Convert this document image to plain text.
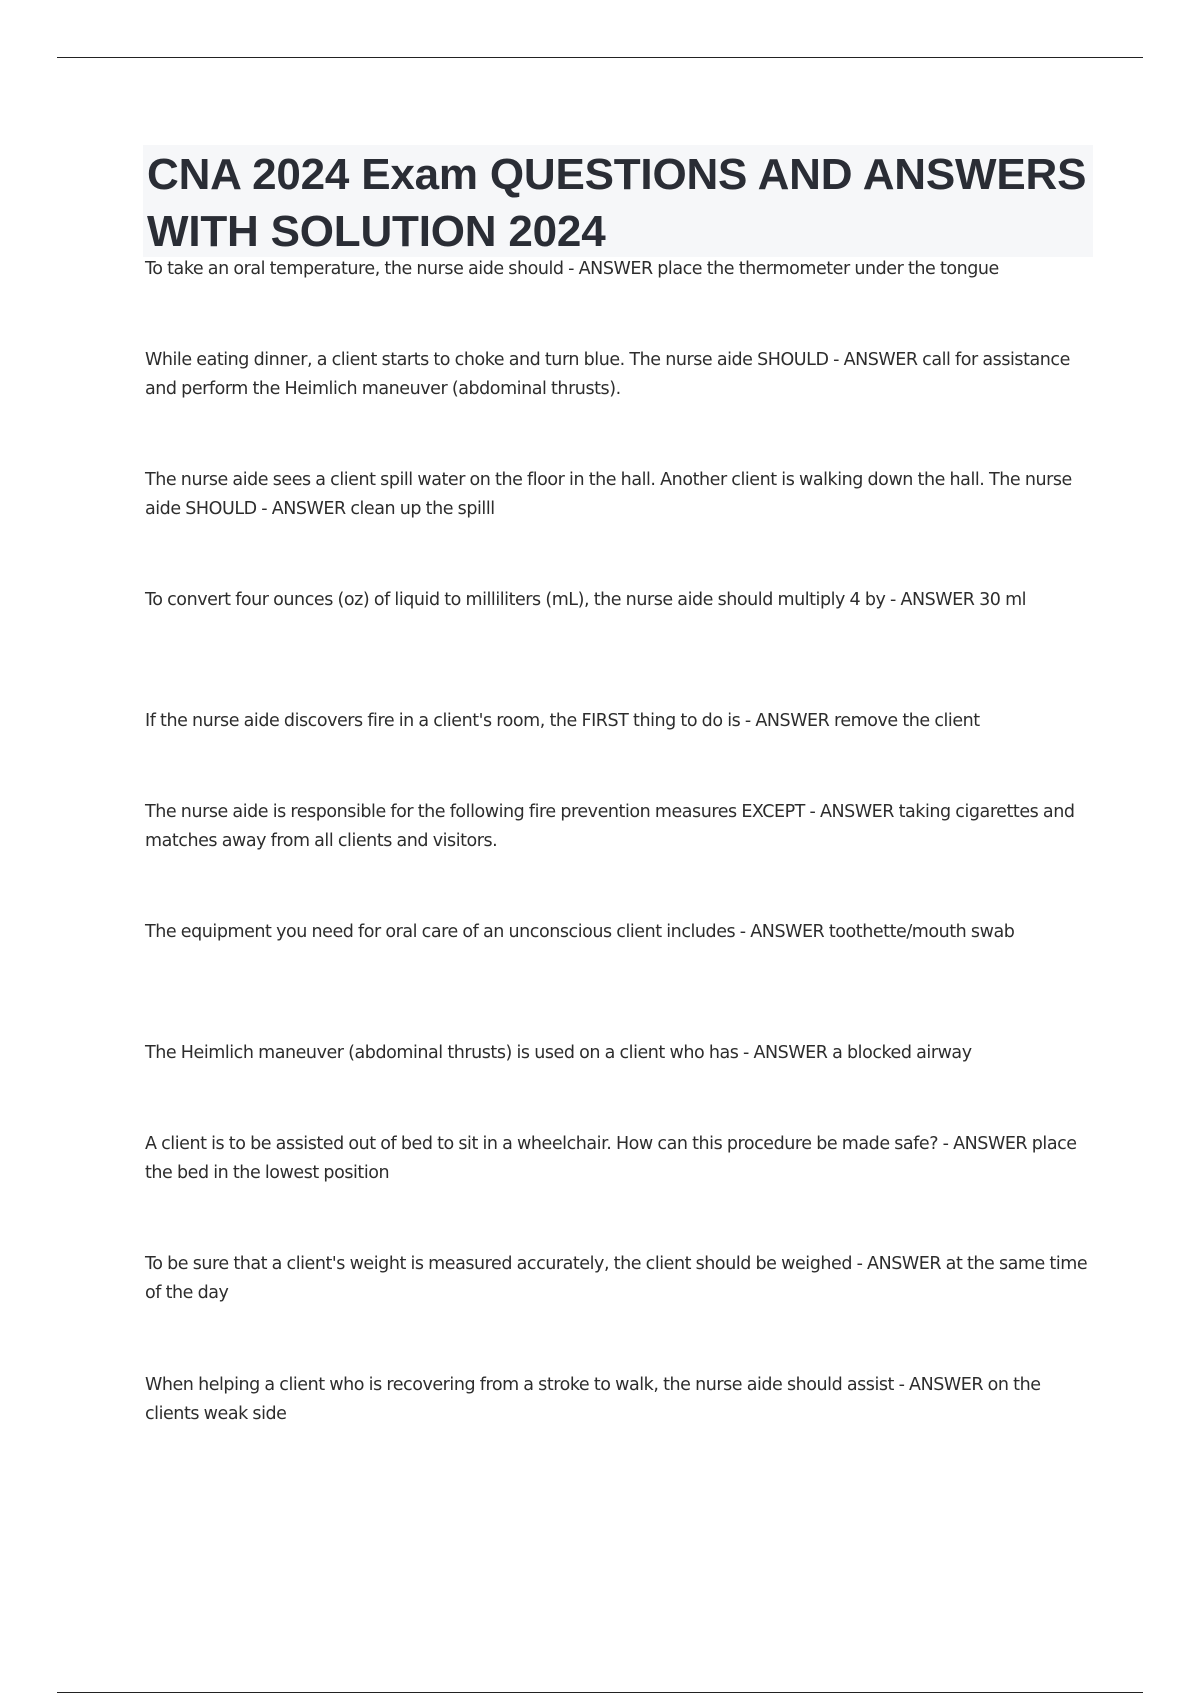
CNA 2024 Exam QUESTIONS AND ANSWERS WITH SOLUTION 2024

To take an oral temperature, the nurse aide should - ANSWER place the thermometer under the tongue

While eating dinner, a client starts to choke and turn blue. The nurse aide SHOULD - ANSWER call for assistance and perform the Heimlich maneuver (abdominal thrusts).

The nurse aide sees a client spill water on the floor in the hall. Another client is walking down the hall. The nurse aide SHOULD - ANSWER clean up the spilll

To convert four ounces (oz) of liquid to milliliters (mL), the nurse aide should multiply 4 by - ANSWER 30 ml

If the nurse aide discovers fire in a client's room, the FIRST thing to do is - ANSWER remove the client

The nurse aide is responsible for the following fire prevention measures EXCEPT - ANSWER taking cigarettes and matches away from all clients and visitors.

The equipment you need for oral care of an unconscious client includes - ANSWER toothette/mouth swab

The Heimlich maneuver (abdominal thrusts) is used on a client who has - ANSWER a blocked airway

A client is to be assisted out of bed to sit in a wheelchair. How can this procedure be made safe? - ANSWER place the bed in the lowest position

To be sure that a client's weight is measured accurately, the client should be weighed - ANSWER at the same time of the day

When helping a client who is recovering from a stroke to walk, the nurse aide should assist - ANSWER on the clients weak side
